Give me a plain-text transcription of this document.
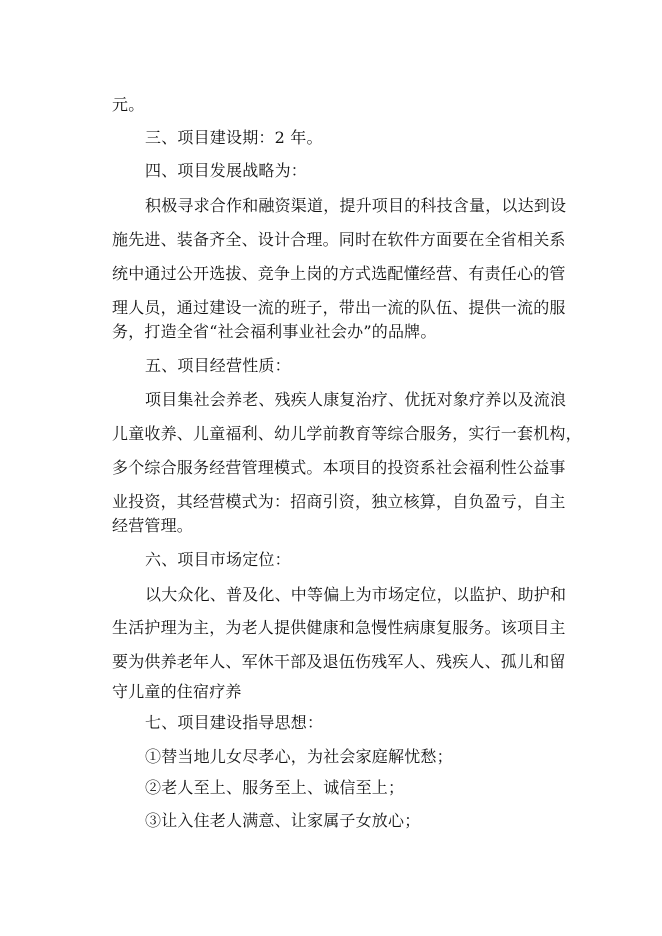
元。
三、项目建设期：2 年。
四、项目发展战略为：
积极寻求合作和融资渠道，提升项目的科技含量，以达到设
施先进、装备齐全、设计合理。同时在软件方面要在全省相关系
统中通过公开选拔、竞争上岗的方式选配懂经营、有责任心的管
理人员，通过建设一流的班子，带出一流的队伍、提供一流的服
务，打造全省“社会福利事业社会办”的品牌。
五、项目经营性质：
项目集社会养老、残疾人康复治疗、优抚对象疗养以及流浪
儿童收养、儿童福利、幼儿学前教育等综合服务，实行一套机构，
多个综合服务经营管理模式。本项目的投资系社会福利性公益事
业投资，其经营模式为：招商引资，独立核算，自负盈亏，自主
经营管理。
六、项目市场定位：
以大众化、普及化、中等偏上为市场定位，以监护、助护和
生活护理为主，为老人提供健康和急慢性病康复服务。该项目主
要为供养老年人、军休干部及退伍伤残军人、残疾人、孤儿和留
守儿童的住宿疗养
七、项目建设指导思想：
①替当地儿女尽孝心，为社会家庭解忧愁；
②老人至上、服务至上、诚信至上；
③让入住老人满意、让家属子女放心；
